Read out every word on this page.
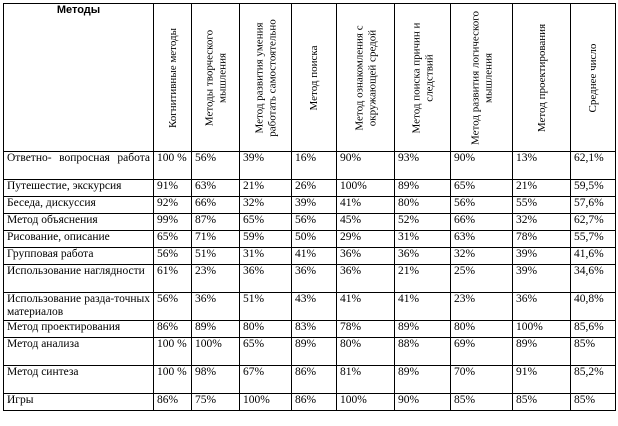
Методы	Когнитивные методы	Методы творческого мышления	Метод развития умения работать самостоятельно	Метод поиска	Метод ознакомления с окружающей средой	Метод поиска причин и следствий	Метод развития логического мышления	Метод проектирования	Среднее число

Ответно- вопросная работа	100 %	56%	39%	16%	90%	93%	90%	13%	62,1%
Путешестие, экскурсия	91%	63%	21%	26%	100%	89%	65%	21%	59,5%
Беседа, дискуссия	92%	66%	32%	39%	41%	80%	56%	55%	57,6%
Метод объяснения	99%	87%	65%	56%	45%	52%	66%	32%	62,7%
Рисование, описание	65%	71%	59%	50%	29%	31%	63%	78%	55,7%
Групповая работа	56%	51%	31%	41%	36%	36%	32%	39%	41,6%
Использование наглядности	61%	23%	36%	36%	36%	21%	25%	39%	34,6%
Использование разда-точных материалов	56%	36%	51%	43%	41%	41%	23%	36%	40,8%
Метод проектирования	86%	89%	80%	83%	78%	89%	80%	100%	85,6%
Метод анализа	100 %	100%	65%	89%	80%	88%	69%	89%	85%
Метод синтеза	100 %	98%	67%	86%	81%	89%	70%	91%	85,2%
Игры	86%	75%	100%	86%	100%	90%	85%	85%	85%
